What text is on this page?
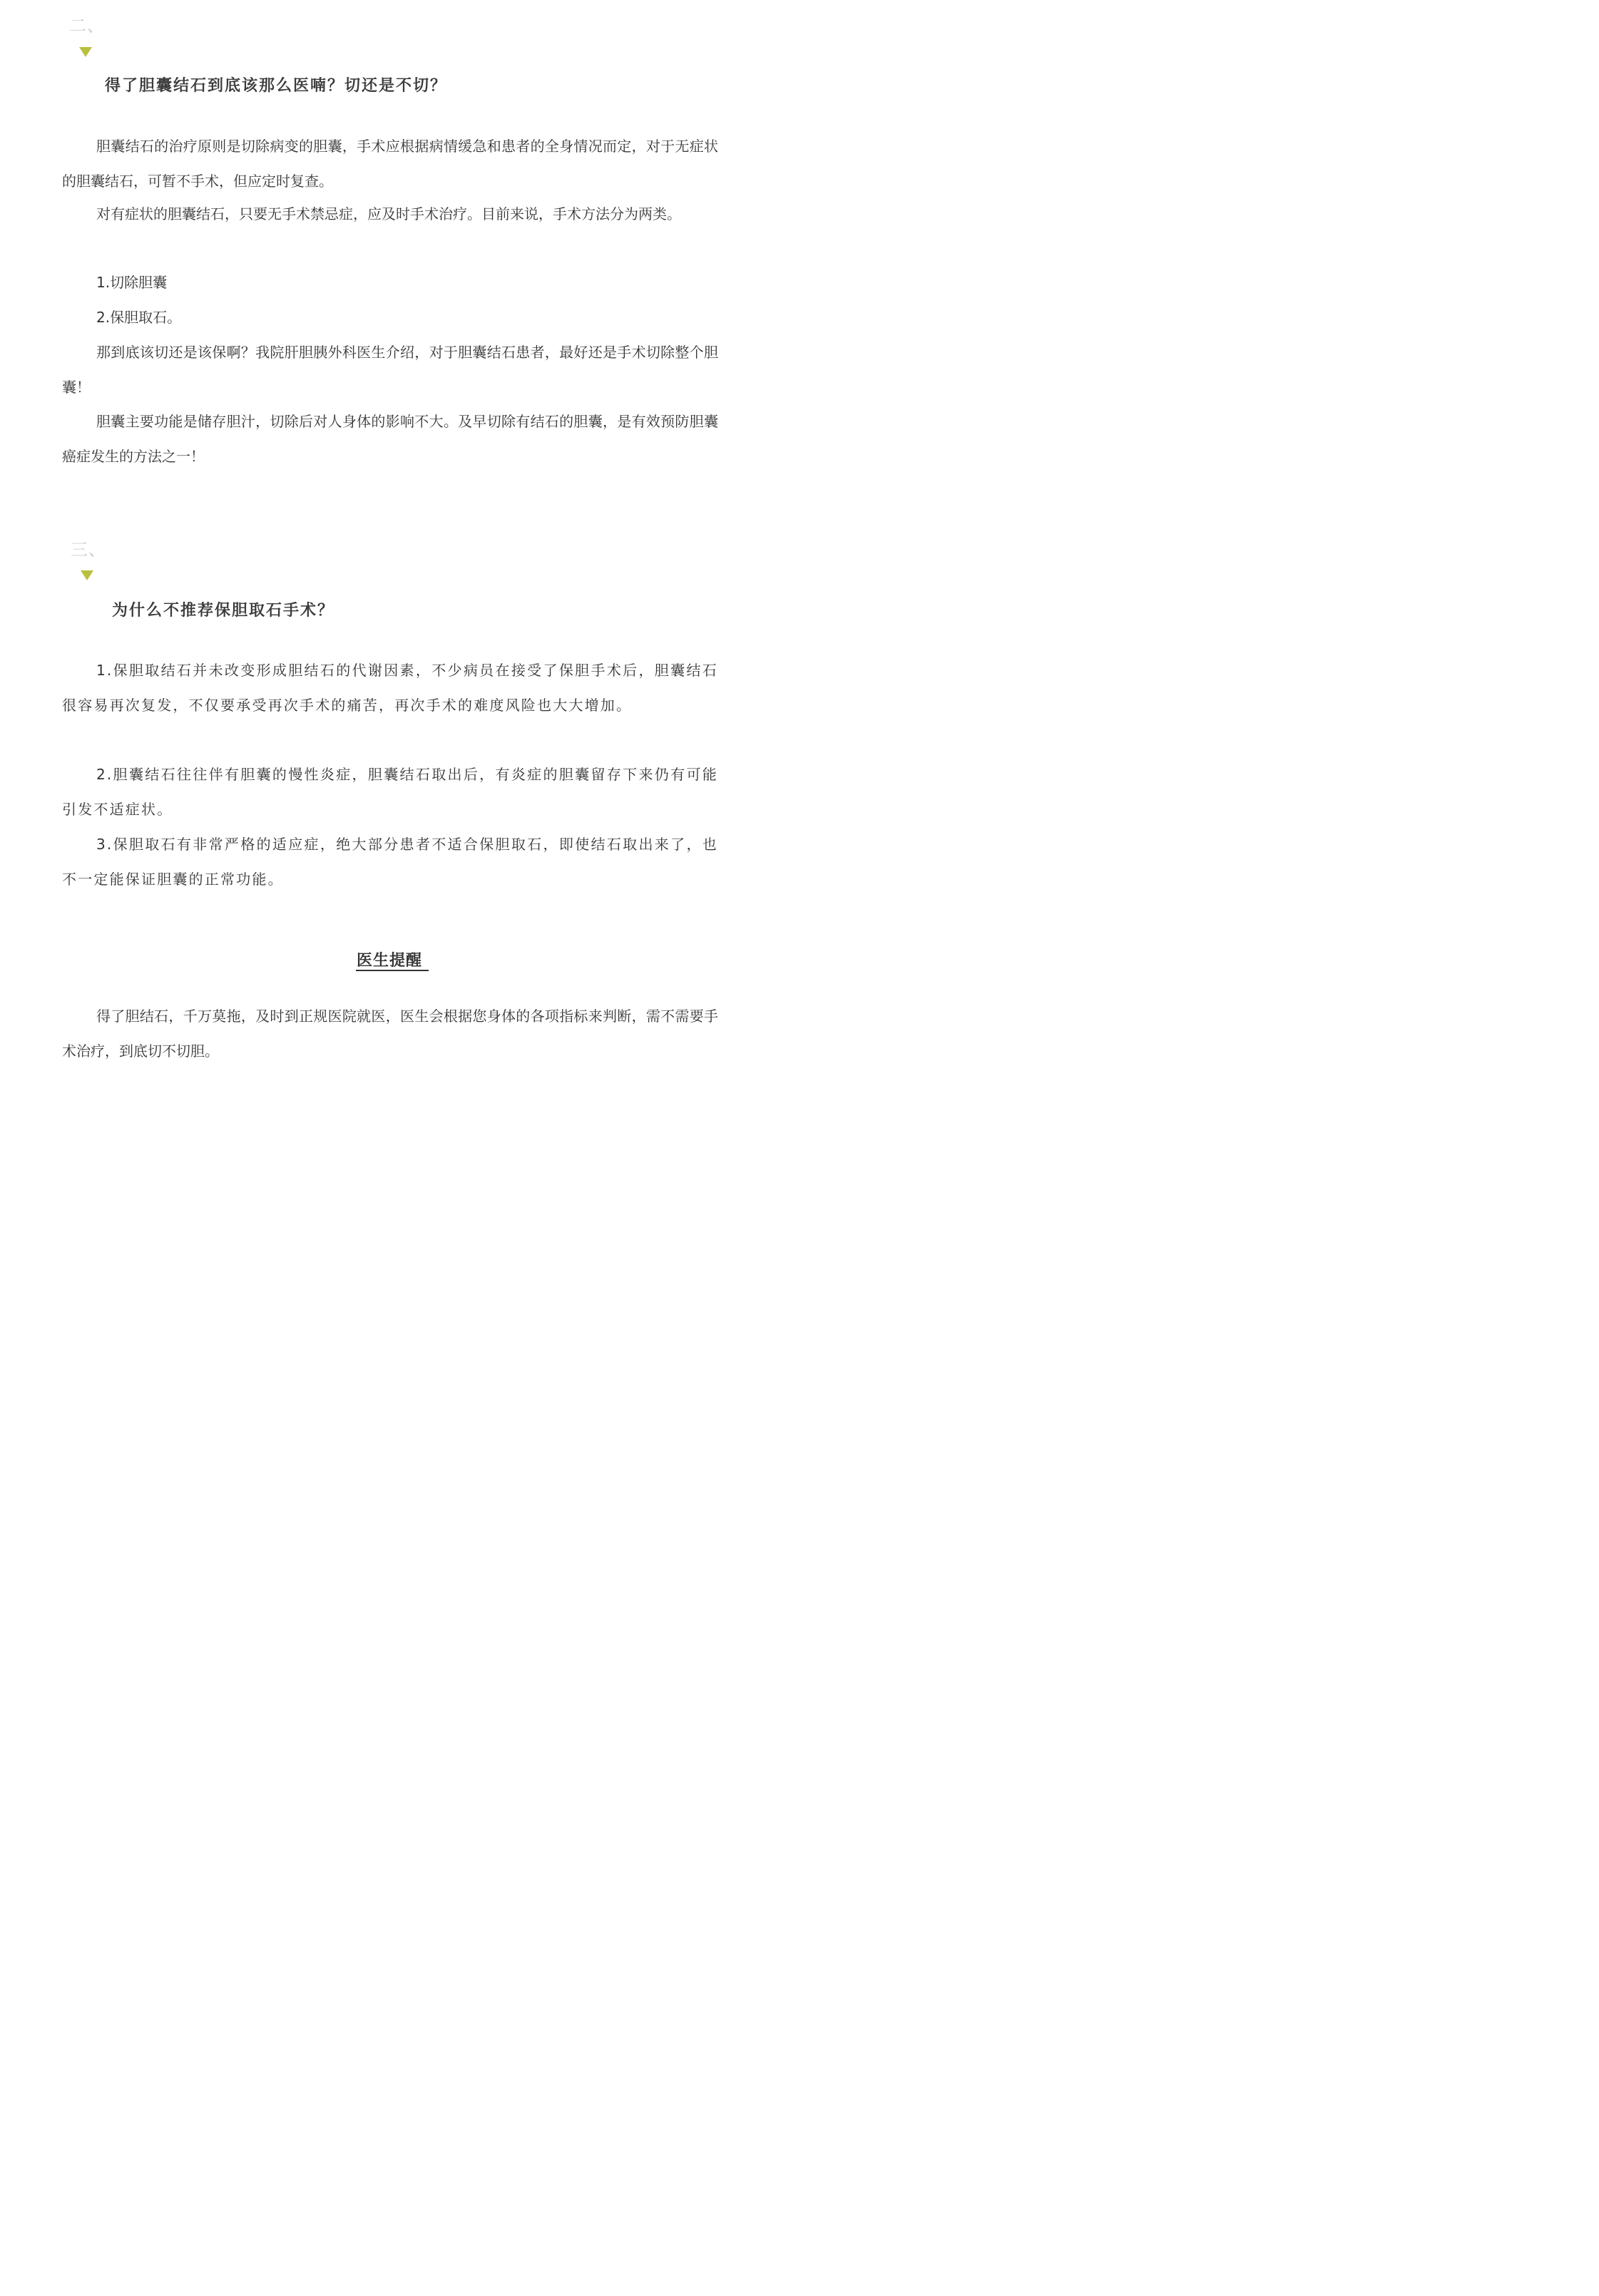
二、
得了胆囊结石到底该那么医喃？切还是不切？
胆囊结石的治疗原则是切除病变的胆囊，手术应根据病情缓急和患者的全身情况而定，对于无症状的胆囊结石，可暂不手术，但应定时复查。
对有症状的胆囊结石，只要无手术禁忌症，应及时手术治疗。目前来说，手术方法分为两类。
1.切除胆囊
2.保胆取石。
那到底该切还是该保啊？我院肝胆胰外科医生介绍，对于胆囊结石患者，最好还是手术切除整个胆囊！
胆囊主要功能是储存胆汁，切除后对人身体的影响不大。及早切除有结石的胆囊，是有效预防胆囊癌症发生的方法之一！
三、
为什么不推荐保胆取石手术？
1.保胆取结石并未改变形成胆结石的代谢因素，不少病员在接受了保胆手术后，胆囊结石很容易再次复发，不仅要承受再次手术的痛苦，再次手术的难度风险也大大增加。
2.胆囊结石往往伴有胆囊的慢性炎症，胆囊结石取出后，有炎症的胆囊留存下来仍有可能引发不适症状。
3.保胆取石有非常严格的适应症，绝大部分患者不适合保胆取石，即使结石取出来了，也不一定能保证胆囊的正常功能。
医生提醒
得了胆结石，千万莫拖，及时到正规医院就医，医生会根据您身体的各项指标来判断，需不需要手术治疗，到底切不切胆。
